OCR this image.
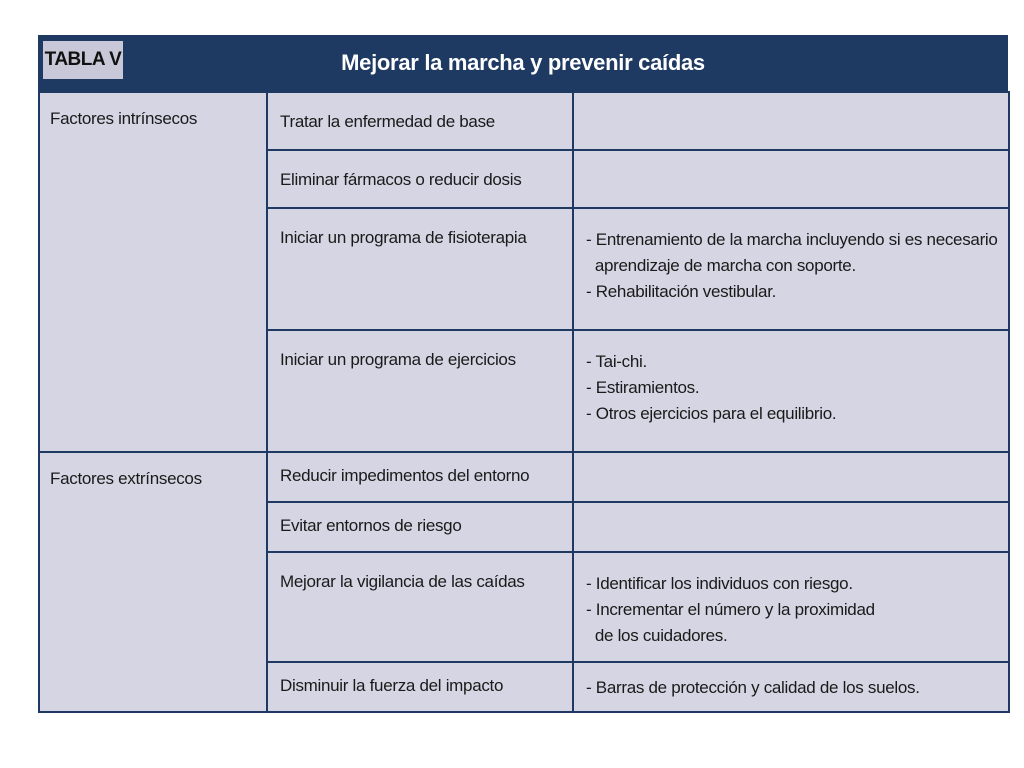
Mejorar la marcha y prevenir caídas
TABLA V
Factores intrínsecos	Tratar la enfermedad de base	
	Eliminar fármacos o reducir dosis	
	Iniciar un programa de fisioterapia	- Entrenamiento de la marcha incluyendo si es necesario
aprendizaje de marcha con soporte.
- Rehabilitación vestibular.

	Iniciar un programa de ejercicios	- Tai-chi.
- Estiramientos.
- Otros ejercicios para el equilibrio.

Factores extrínsecos	Reducir impedimentos del entorno	
	Evitar entornos de riesgo	
	Mejorar la vigilancia de las caídas	- Identificar los individuos con riesgo.
- Incrementar el número y la proximidad
de los cuidadores.

	Disminuir la fuerza del impacto	- Barras de protección y calidad de los suelos.
